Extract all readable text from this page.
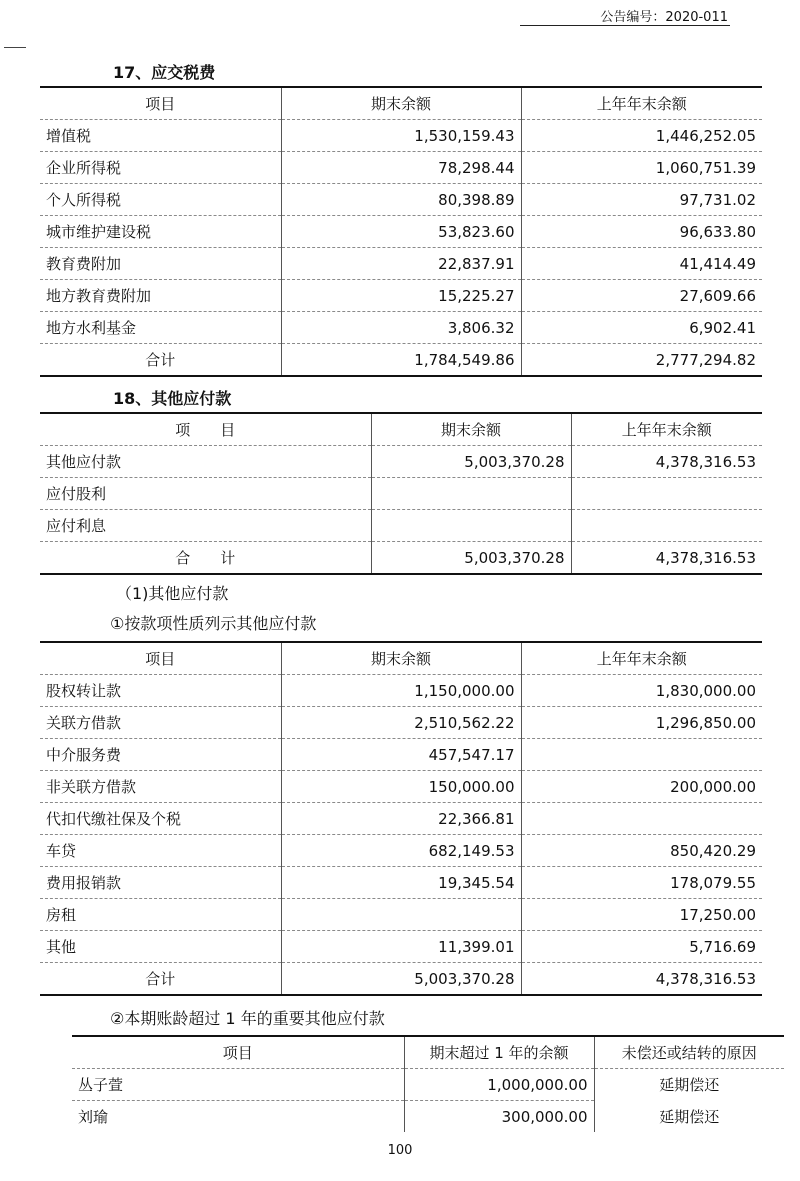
公告编号：2020-011
17、应交税费
项目	期末余额	上年年末余额
增值税	1,530,159.43	1,446,252.05
企业所得税	78,298.44	1,060,751.39
个人所得税	80,398.89	97,731.02
城市维护建设税	53,823.60	96,633.80
教育费附加	22,837.91	41,414.49
地方教育费附加	15,225.27	27,609.66
地方水利基金	3,806.32	6,902.41
合计	1,784,549.86	2,777,294.82
18、其他应付款
项　　目	期末余额	上年年末余额
其他应付款	5,003,370.28	4,378,316.53
应付股利		
应付利息		
合　　计	5,003,370.28	4,378,316.53
（1)其他应付款
①按款项性质列示其他应付款
项目	期末余额	上年年末余额
股权转让款	1,150,000.00	1,830,000.00
关联方借款	2,510,562.22	1,296,850.00
中介服务费	457,547.17	
非关联方借款	150,000.00	200,000.00
代扣代缴社保及个税	22,366.81	
车贷	682,149.53	850,420.29
费用报销款	19,345.54	178,079.55
房租		17,250.00
其他	11,399.01	5,716.69
合计	5,003,370.28	4,378,316.53
②本期账龄超过 1 年的重要其他应付款
项目	期末超过 1 年的余额	未偿还或结转的原因
丛子萱	1,000,000.00	延期偿还
刘瑜	300,000.00	延期偿还
100
